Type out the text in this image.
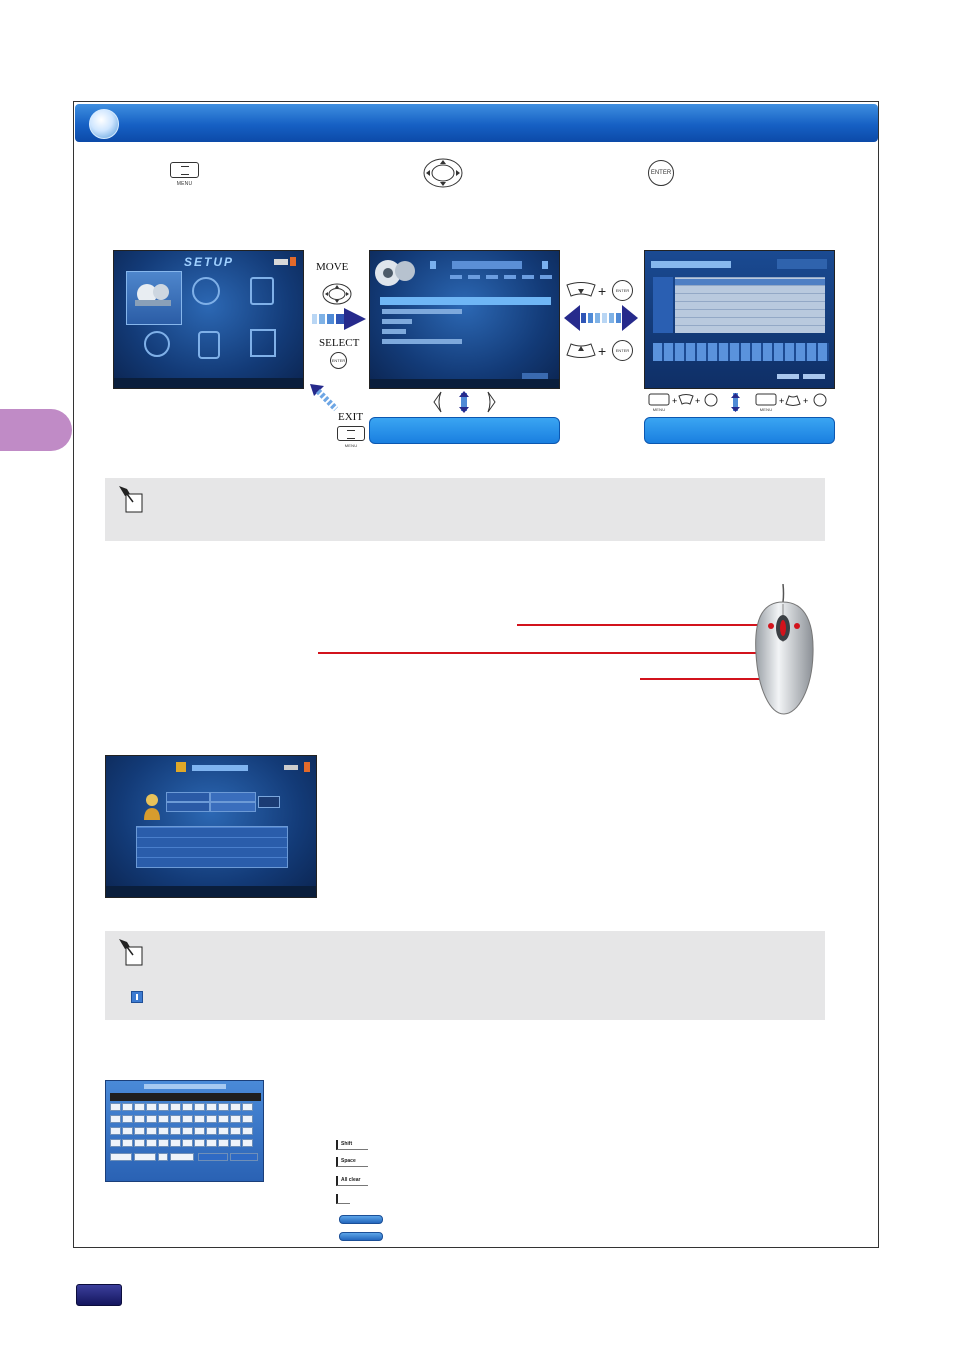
MENU
ENTER
SETUP	MOVE
SELECT
ENTER
EXIT
MENU
+	ENTER
+	ENTER
+ +	+ +
MENU	MENU
Shift
Space
All clear
